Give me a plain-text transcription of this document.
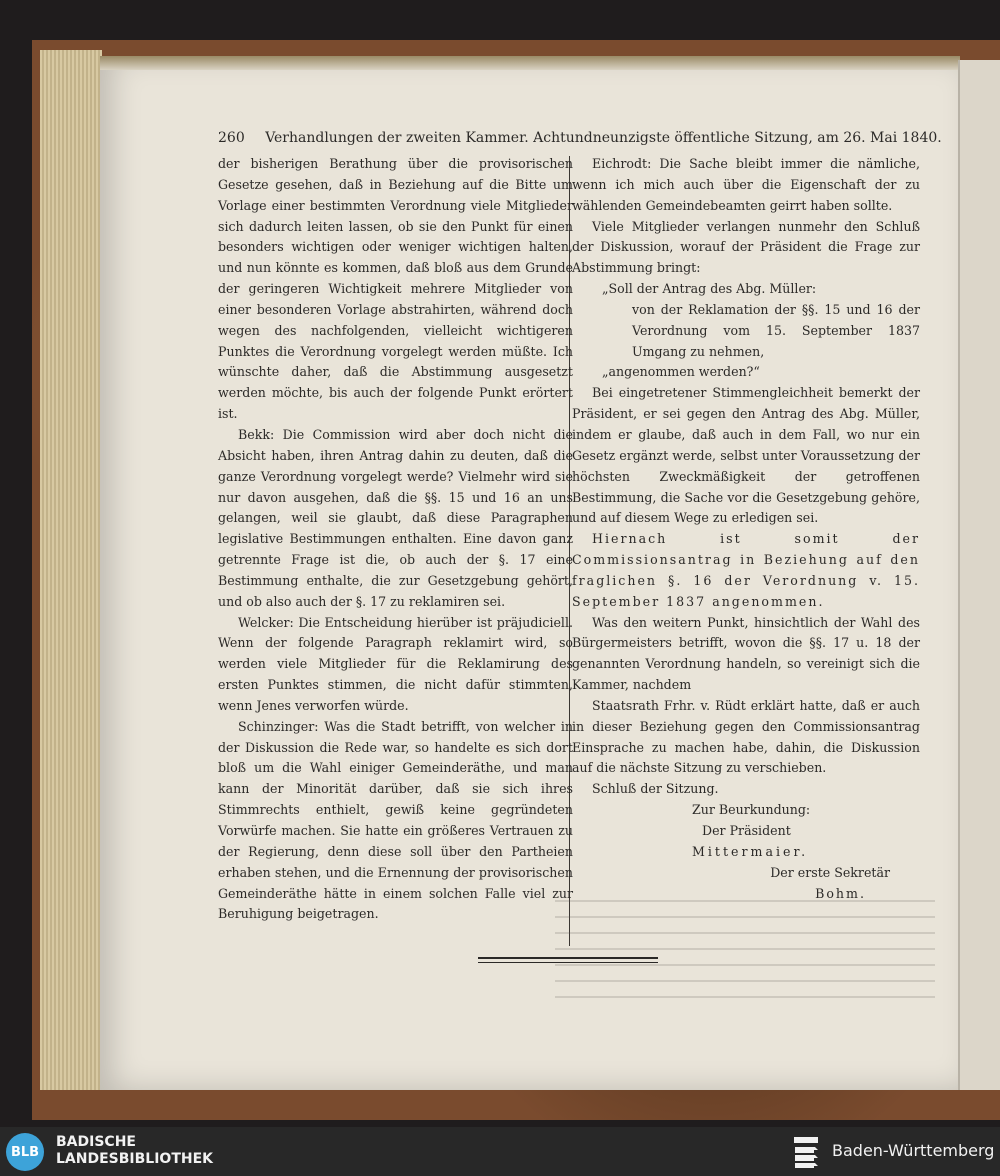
260 Verhandlungen der zweiten Kammer. Achtundneunzigste öffentliche Sitzung, am 26. Mai 1840.

der bisherigen Berathung über die provisorischen Gesetze gesehen, daß in Beziehung auf die Bitte um Vorlage einer bestimmten Verordnung viele Mitglieder sich dadurch leiten lassen, ob sie den Punkt für einen besonders wichtigen oder weniger wichtigen halten, und nun könnte es kommen, daß bloß aus dem Grunde der geringeren Wichtigkeit mehrere Mitglieder von einer besonderen Vorlage abstrahirten, während doch wegen des nachfolgenden, vielleicht wichtigeren Punktes die Verordnung vorgelegt werden müßte. Ich wünschte daher, daß die Abstimmung ausgesetzt werden möchte, bis auch der folgende Punkt erörtert ist.

Bekk: Die Commission wird aber doch nicht die Absicht haben, ihren Antrag dahin zu deuten, daß die ganze Verordnung vorgelegt werde? Vielmehr wird sie nur davon ausgehen, daß die §§. 15 und 16 an uns gelangen, weil sie glaubt, daß diese Paragraphen legislative Bestimmungen enthalten. Eine davon ganz getrennte Frage ist die, ob auch der §. 17 eine Bestimmung enthalte, die zur Gesetzgebung gehört, und ob also auch der §. 17 zu reklamiren sei.

Welcker: Die Entscheidung hierüber ist präjudiciell. Wenn der folgende Paragraph reklamirt wird, so werden viele Mitglieder für die Reklamirung des ersten Punktes stimmen, die nicht dafür stimmten, wenn Jenes verworfen würde.

Schinzinger: Was die Stadt betrifft, von welcher in der Diskussion die Rede war, so handelte es sich dort bloß um die Wahl einiger Gemeinderäthe, und man kann der Minorität darüber, daß sie sich ihres Stimmrechts enthielt, gewiß keine gegründeten Vorwürfe machen. Sie hatte ein größeres Vertrauen zu der Regierung, denn diese soll über den Partheien erhaben stehen, und die Ernennung der provisorischen Gemeinderäthe hätte in einem solchen Falle viel zur Beruhigung beigetragen.

Eichrodt: Die Sache bleibt immer die nämliche, wenn ich mich auch über die Eigenschaft der zu wählenden Gemeindebeamten geirrt haben sollte.

Viele Mitglieder verlangen nunmehr den Schluß der Diskussion, worauf der Präsident die Frage zur Abstimmung bringt:

„Soll der Antrag des Abg. Müller:

von der Reklamation der §§. 15 und 16 der Verordnung vom 15. September 1837 Umgang zu nehmen,

„angenommen werden?“

Bei eingetretener Stimmengleichheit bemerkt der Präsident, er sei gegen den Antrag des Abg. Müller, indem er glaube, daß auch in dem Fall, wo nur ein Gesetz ergänzt werde, selbst unter Voraussetzung der höchsten Zweckmäßigkeit der getroffenen Bestimmung, die Sache vor die Gesetzgebung gehöre, und auf diesem Wege zu erledigen sei.

Hiernach ist somit der Commissionsantrag in Beziehung auf den fraglichen §. 16 der Verordnung v. 15. September 1837 angenommen.

Was den weitern Punkt, hinsichtlich der Wahl des Bürgermeisters betrifft, wovon die §§. 17 u. 18 der genannten Verordnung handeln, so vereinigt sich die Kammer, nachdem

Staatsrath Frhr. v. Rüdt erklärt hatte, daß er auch in dieser Beziehung gegen den Commissionsantrag Einsprache zu machen habe, dahin, die Diskussion auf die nächste Sitzung zu verschieben.

Schluß der Sitzung.

Zur Beurkundung:

Der Präsident

Mittermaier.

Der erste Sekretär

Bohm.

BLB
BADISCHE
LANDESBIBLIOTHEK	Baden-Württemberg
